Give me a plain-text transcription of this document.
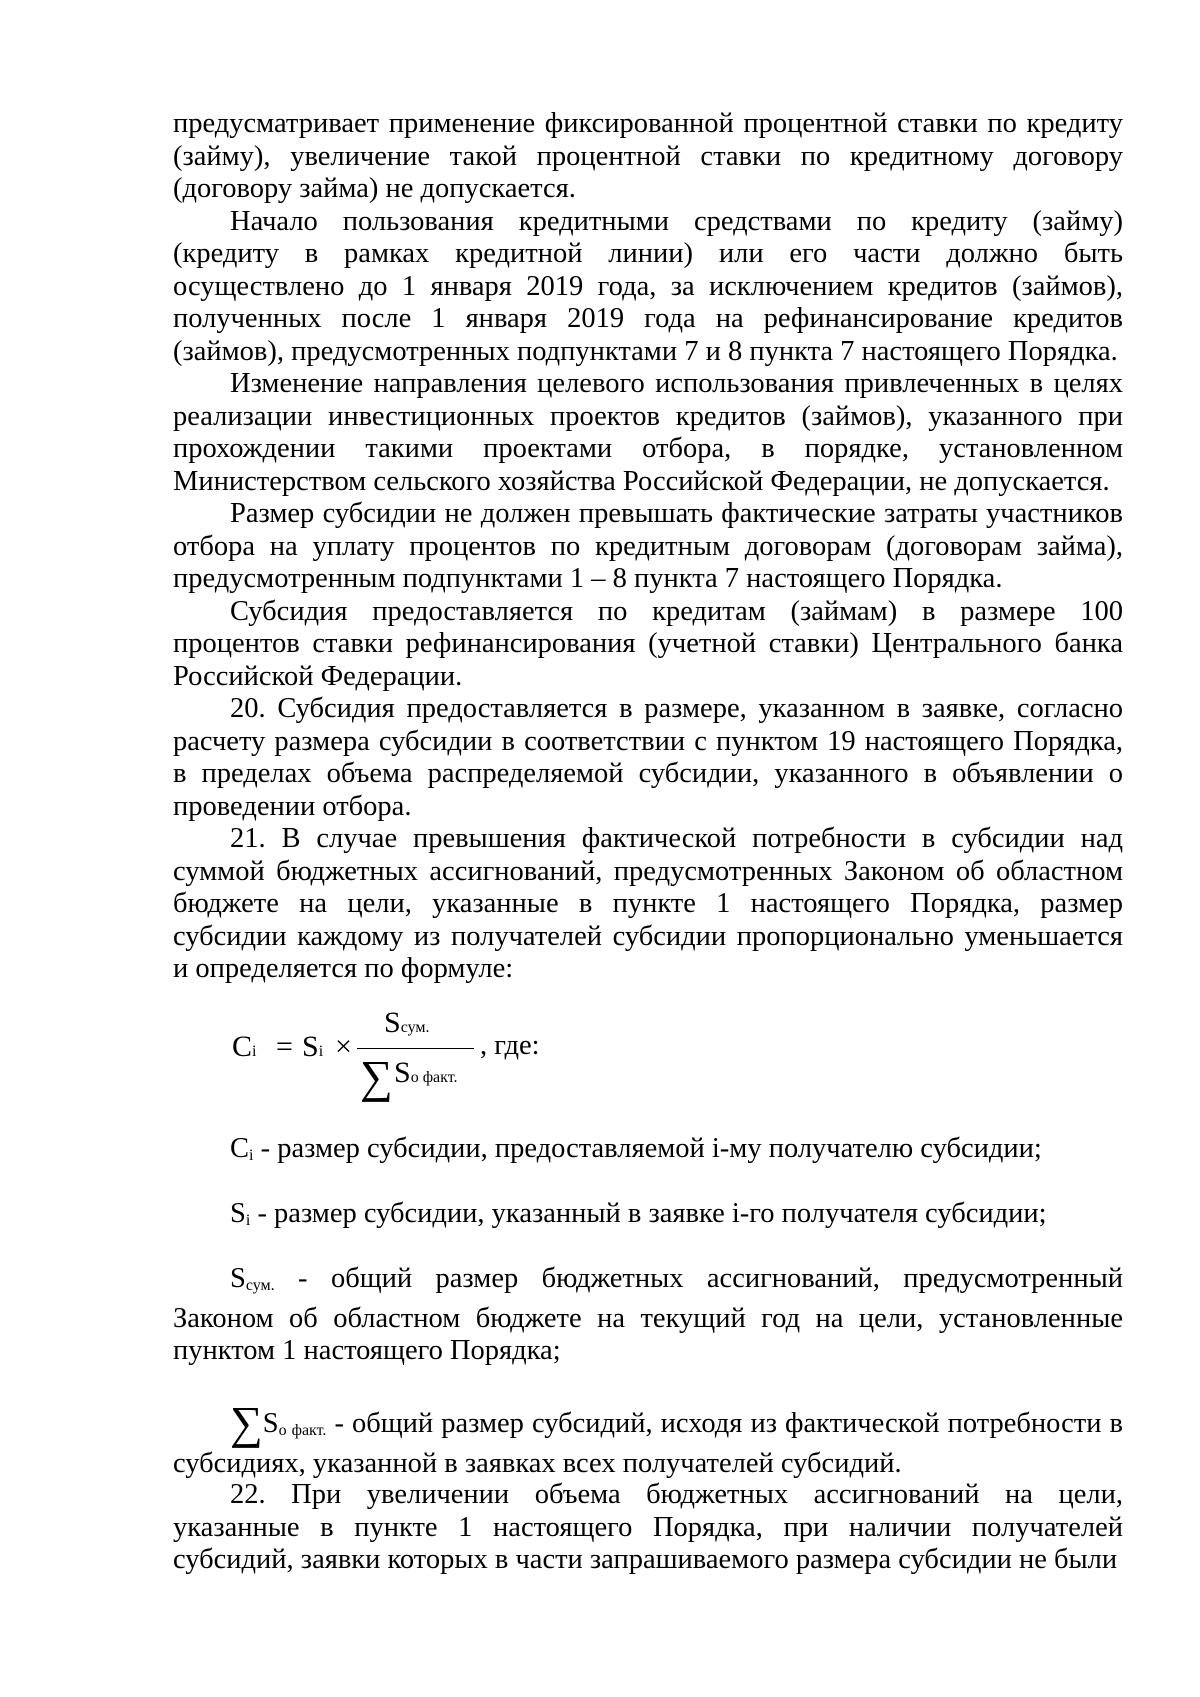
предусматривает применение фиксированной процентной ставки по кредиту (займу), увеличение такой процентной ставки по кредитному договору (договору займа) не допускается.

Начало пользования кредитными средствами по кредиту (займу) (кредиту в рамках кредитной линии) или его части должно быть осуществлено до 1 января 2019 года, за исключением кредитов (займов), полученных после 1 января 2019 года на рефинансирование кредитов (займов), предусмотренных подпунктами 7 и 8 пункта 7 настоящего Порядка.

Изменение направления целевого использования привлеченных в целях реализации инвестиционных проектов кредитов (займов), указанного при прохождении такими проектами отбора, в порядке, установленном Министерством сельского хозяйства Российской Федерации, не допускается.

Размер субсидии не должен превышать фактические затраты участников отбора на уплату процентов по кредитным договорам (договорам займа), предусмотренным подпунктами 1 – 8 пункта 7 настоящего Порядка.

Субсидия предоставляется по кредитам (займам) в размере 100 процентов ставки рефинансирования (учетной ставки) Центрального банка Российской Федерации.

20. Субсидия предоставляется в размере, указанном в заявке, согласно расчету размера субсидии в соответствии с пунктом 19 настоящего Порядка, в пределах объема распределяемой субсидии, указанного в объявлении о проведении отбора.

21. В случае превышения фактической потребности в субсидии над суммой бюджетных ассигнований, предусмотренных Законом об областном бюджете на цели, указанные в пункте 1 настоящего Порядка, размер субсидии каждому из получателей субсидии пропорционально уменьшается и определяется по формуле:

Ci = Si ×
Sсум.
∑ Sо факт.
, где:

$C_i$ - размер субсидии, предоставляемой i-му получателю субсидии;

$S_i$ - размер субсидии, указанный в заявке i-го получателя субсидии;

$S_{сум.}$ - общий размер бюджетных ассигнований, предусмотренный Законом об областном бюджете на текущий год на цели, установленные пунктом 1 настоящего Порядка;

$\sum S_{о факт.}$ - общий размер субсидий, исходя из фактической потребности в субсидиях, указанной в заявках всех получателей субсидий.

22. При увеличении объема бюджетных ассигнований на цели, указанные в пункте 1 настоящего Порядка, при наличии получателей субсидий, заявки которых в части запрашиваемого размера субсидии не были
